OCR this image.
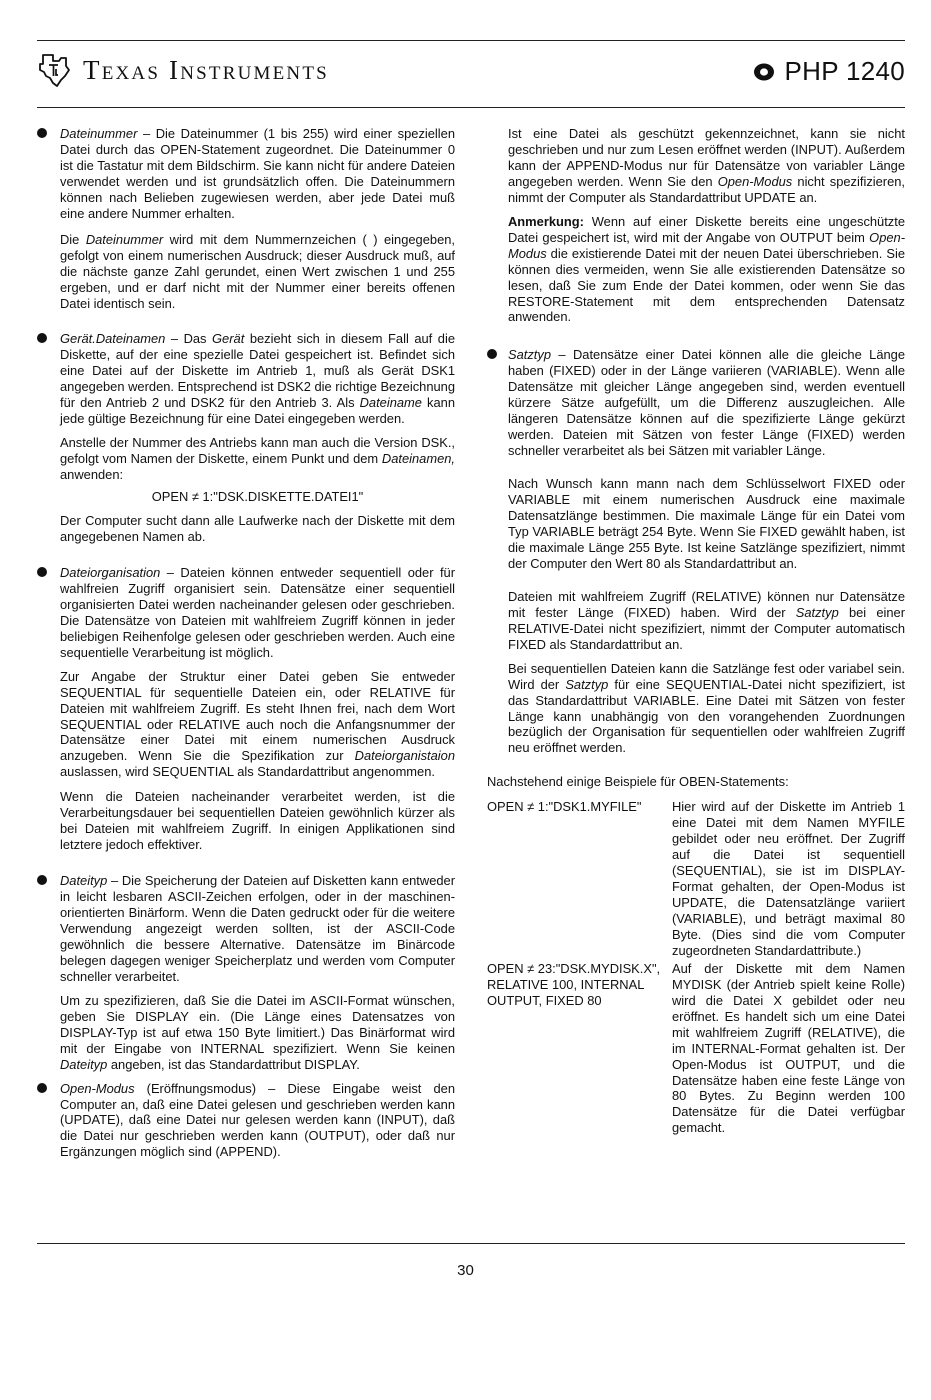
Texas Instruments	PHP 1240

Dateinummer – Die Dateinummer (1 bis 255) wird einer speziellen Datei durch das OPEN-Statement zugeordnet. Die Dateinummer 0 ist die Tastatur mit dem Bildschirm. Sie kann nicht für andere Dateien verwendet werden und ist grundsätzlich offen. Die Dateinummern können nach Belieben zugewiesen werden, aber jede Datei muß eine andere Nummer erhalten.

Die Dateinummer wird mit dem Nummernzeichen ( ) eingegeben, gefolgt von einem numerischen Ausdruck; dieser Ausdruck muß, auf die nächste ganze Zahl gerundet, einen Wert zwischen 1 und 255 ergeben, und er darf nicht mit der Nummer einer bereits offenen Datei identisch sein.

Gerät.Dateinamen – Das Gerät bezieht sich in diesem Fall auf die Diskette, auf der eine spezielle Datei gespeichert ist. Befindet sich eine Datei auf der Diskette im Antrieb 1, muß als Gerät DSK1 angegeben werden. Entsprechend ist DSK2 die richtige Bezeichnung für den Antrieb 2 und DSK2 für den Antrieb 3. Als Dateiname kann jede gültige Bezeichnung für eine Datei eingegeben werden.

Anstelle der Nummer des Antriebs kann man auch die Version DSK., gefolgt vom Namen der Diskette, einem Punkt und dem Dateinamen, anwenden:

OPEN ≠ 1:"DSK.DISKETTE.DATEI1"

Der Computer sucht dann alle Laufwerke nach der Diskette mit dem angegebenen Namen ab.

Dateiorganisation – Dateien können entweder sequentiell oder für wahlfreien Zugriff organisiert sein. Datensätze einer sequentiell organisierten Datei werden nacheinander gelesen oder geschrieben. Die Datensätze von Dateien mit wahlfreiem Zugriff können in jeder beliebigen Reihenfolge gelesen oder geschrieben werden. Auch eine sequentielle Verarbeitung ist möglich.

Zur Angabe der Struktur einer Datei geben Sie entweder SEQUENTIAL für sequentielle Dateien ein, oder RELATIVE für Dateien mit wahlfreiem Zugriff. Es steht Ihnen frei, nach dem Wort SEQUENTIAL oder RELATIVE auch noch die Anfangsnummer der Datensätze einer Datei mit einem numerischen Ausdruck anzugeben. Wenn Sie die Spezifikation zur Dateiorganistaion auslassen, wird SEQUENTIAL als Standardattribut angenommen.

Wenn die Dateien nacheinander verarbeitet werden, ist die Verarbeitungsdauer bei sequentiellen Dateien gewöhnlich kürzer als bei Dateien mit wahlfreiem Zugriff. In einigen Applikationen sind letztere jedoch effektiver.

Dateityp – Die Speicherung der Dateien auf Disketten kann entweder in leicht lesbaren ASCII-Zeichen erfolgen, oder in der maschinen-orientierten Binärform. Wenn die Daten gedruckt oder für die weitere Verwendung angezeigt werden sollten, ist der ASCII-Code gewöhnlich die bessere Alternative. Datensätze im Binärcode belegen dagegen weniger Speicherplatz und werden vom Computer schneller verarbeitet.

Um zu spezifizieren, daß Sie die Datei im ASCII-Format wünschen, geben Sie DISPLAY ein. (Die Länge eines Datensatzes von DISPLAY-Typ ist auf etwa 150 Byte limitiert.) Das Binärformat wird mit der Eingabe von INTERNAL spezifiziert. Wenn Sie keinen Dateityp angeben, ist das Standardattribut DISPLAY.

Open-Modus (Eröffnungsmodus) – Diese Eingabe weist den Computer an, daß eine Datei gelesen und geschrieben werden kann (UPDATE), daß eine Datei nur gelesen werden kann (INPUT), daß die Datei nur geschrieben werden kann (OUTPUT), oder daß nur Ergänzungen möglich sind (APPEND).

Ist eine Datei als geschützt gekennzeichnet, kann sie nicht geschrieben und nur zum Lesen eröffnet werden (INPUT). Außerdem kann der APPEND-Modus nur für Datensätze von variabler Länge angegeben werden. Wenn Sie den Open-Modus nicht spezifizieren, nimmt der Computer als Standardattribut UPDATE an.

Anmerkung: Wenn auf einer Diskette bereits eine ungeschützte Datei gespeichert ist, wird mit der Angabe von OUTPUT beim Open-Modus die existierende Datei mit der neuen Datei überschrieben. Sie können dies vermeiden, wenn Sie alle existierenden Datensätze so lesen, daß Sie zum Ende der Datei kommen, oder wenn Sie das RESTORE-Statement mit dem entsprechenden Datensatz anwenden.

Satztyp – Datensätze einer Datei können alle die gleiche Länge haben (FIXED) oder in der Länge variieren (VARIABLE). Wenn alle Datensätze mit gleicher Länge angegeben sind, werden eventuell kürzere Sätze aufgefüllt, um die Differenz auszugleichen. Alle längeren Datensätze können auf die spezifizierte Länge gekürzt werden. Dateien mit Sätzen von fester Länge (FIXED) werden schneller verarbeitet als bei Sätzen mit variabler Länge.

Nach Wunsch kann mann nach dem Schlüsselwort FIXED oder VARIABLE mit einem numerischen Ausdruck eine maximale Datensatzlänge bestimmen. Die maximale Länge für ein Datei vom Typ VARIABLE beträgt 254 Byte. Wenn Sie FIXED gewählt haben, ist die maximale Länge 255 Byte. Ist keine Satzlänge spezifiziert, nimmt der Computer den Wert 80 als Standardattribut an.

Dateien mit wahlfreiem Zugriff (RELATIVE) können nur Datensätze mit fester Länge (FIXED) haben. Wird der Satztyp bei einer RELATIVE-Datei nicht spezifiziert, nimmt der Computer automatisch FIXED als Standardattribut an.

Bei sequentiellen Dateien kann die Satzlänge fest oder variabel sein. Wird der Satztyp für eine SEQUENTIAL-Datei nicht spezifiziert, ist das Standardattribut VARIABLE. Eine Datei mit Sätzen von fester Länge kann unabhängig von den vorangehenden Zuordnungen bezüglich der Organisation für sequentiellen oder wahlfreien Zugriff neu eröffnet werden.

Nachstehend einige Beispiele für OBEN-Statements:

OPEN ≠ 1:"DSK1.MYFILE"	Hier wird auf der Diskette im Antrieb 1 eine Datei mit dem Namen MYFILE gebildet oder neu eröffnet. Der Zugriff auf die Datei ist sequentiell (SEQUENTIAL), sie ist im DISPLAY-Format gehalten, der Open-Modus ist UPDATE, die Datensatzlänge variiert (VARIABLE), und beträgt maximal 80 Byte. (Dies sind die vom Computer zugeordneten Standardattribute.)
OPEN ≠ 23:"DSK.MYDISK.X", RELATIVE 100, INTERNAL OUTPUT, FIXED 80
Auf der Diskette mit dem Namen MYDISK (der Antrieb spielt keine Rolle) wird die Datei X gebildet oder neu eröffnet. Es handelt sich um eine Datei mit wahlfreiem Zugriff (RELATIVE), die im INTERNAL-Format gehalten ist. Der Open-Modus ist OUTPUT, und die Datensätze haben eine feste Länge von 80 Bytes. Zu Beginn werden 100 Datensätze für die Datei verfügbar gemacht.
30
